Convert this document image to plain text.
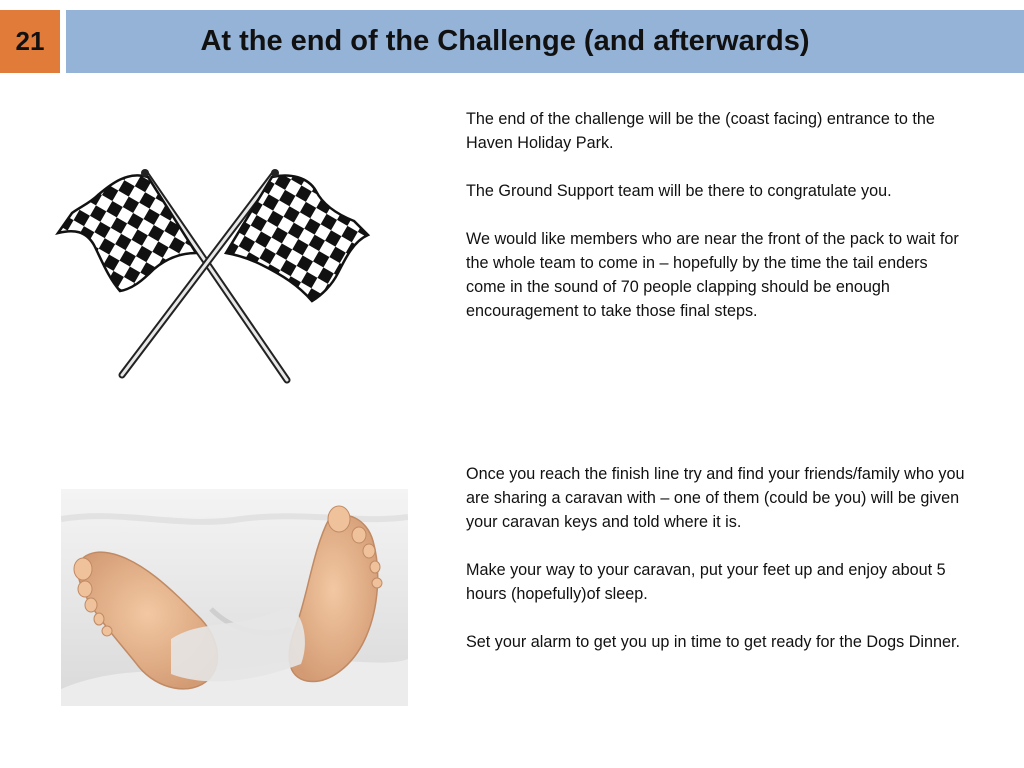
21	At the end of the Challenge (and afterwards)

The end of the challenge will be the (coast facing) entrance to the Haven Holiday Park.

The Ground Support team will be there to congratulate you.

We would like members who are near the front of the pack to wait for the whole team to come in – hopefully by the time the tail enders come in the sound of 70 people clapping should be enough encouragement to take those final steps.

Once you reach the finish line try and find your friends/family who you are sharing a caravan with – one of them (could be you) will be given your caravan keys and told where it is.

Make your way to your caravan, put your feet up and enjoy about 5 hours (hopefully)of sleep.

Set your alarm to get you up in time to get ready for the Dogs Dinner.
